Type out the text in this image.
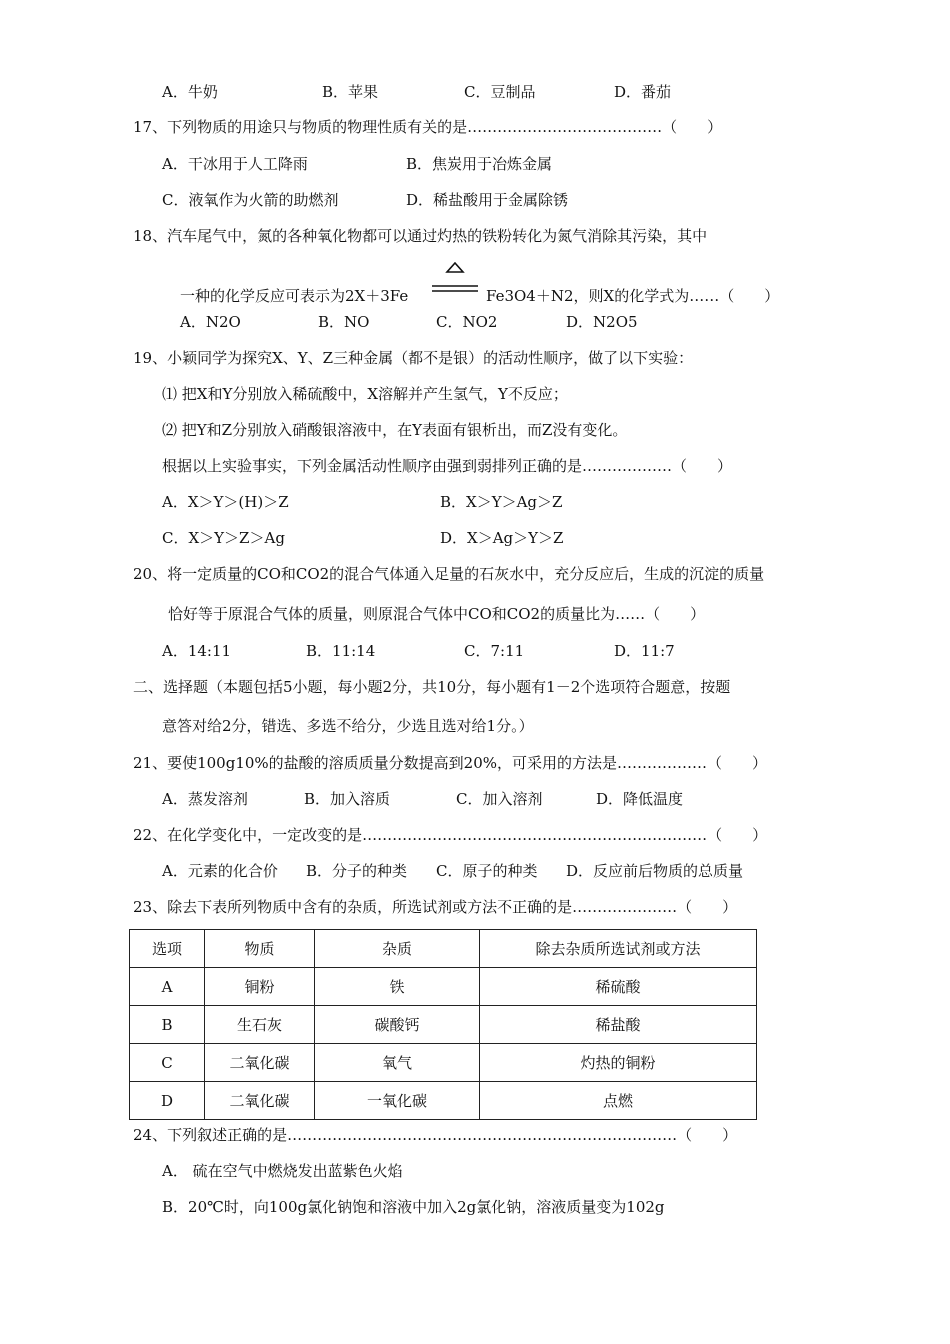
A．牛奶	B．苹果	C．豆制品	D．番茄
17、下列物质的用途只与物质的物理性质有关的是…………………………………（　　）
A．干冰用于人工降雨	B．焦炭用于冶炼金属
C．液氧作为火箭的助燃剂	D．稀盐酸用于金属除锈
18、汽车尾气中，氮的各种氧化物都可以通过灼热的铁粉转化为氮气消除其污染，其中
一种的化学反应可表示为2X＋3Fe	Fe3O4＋N2，则X的化学式为……（　　）
A．N2O	B．NO	C．NO2	D．N2O5
19、小颖同学为探究X、Y、Z三种金属（都不是银）的活动性顺序，做了以下实验：
⑴ 把X和Y分别放入稀硫酸中，X溶解并产生氢气，Y不反应；
⑵ 把Y和Z分别放入硝酸银溶液中，在Y表面有银析出，而Z没有变化。
根据以上实验事实，下列金属活动性顺序由强到弱排列正确的是………………（　　）
A．X＞Y＞(H)＞Z	B．X＞Y＞Ag＞Z
C．X＞Y＞Z＞Ag	D．X＞Ag＞Y＞Z
20、将一定质量的CO和CO2的混合气体通入足量的石灰水中，充分反应后，生成的沉淀的质量
恰好等于原混合气体的质量，则原混合气体中CO和CO2的质量比为……（　　）
A．14:11	B．11:14	C．7:11	D．11:7
二、选择题（本题包括5小题，每小题2分，共10分，每小题有1－2个选项符合题意，按题
意答对给2分，错选、多选不给分，少选且选对给1分。）
21、要使100g10%的盐酸的溶质质量分数提高到20%，可采用的方法是………………（　　）
A．蒸发溶剂	B．加入溶质	C．加入溶剂	D．降低温度
22、在化学变化中，一定改变的是……………………………………………………………（　　）
A．元素的化合价 B．分子的种类 C．原子的种类 D．反应前后物质的总质量
23、除去下表所列物质中含有的杂质，所选试剂或方法不正确的是…………………（　　）
选项	物质	杂质	除去杂质所选试剂或方法
A	铜粉	铁	稀硫酸
B	生石灰	碳酸钙	稀盐酸
C	二氧化碳	氧气	灼热的铜粉
D	二氧化碳	一氧化碳	点燃
24、下列叙述正确的是……………………………………………………………………（　　）
A． 硫在空气中燃烧发出蓝紫色火焰
B．20℃时，向100g氯化钠饱和溶液中加入2g氯化钠，溶液质量变为102g
